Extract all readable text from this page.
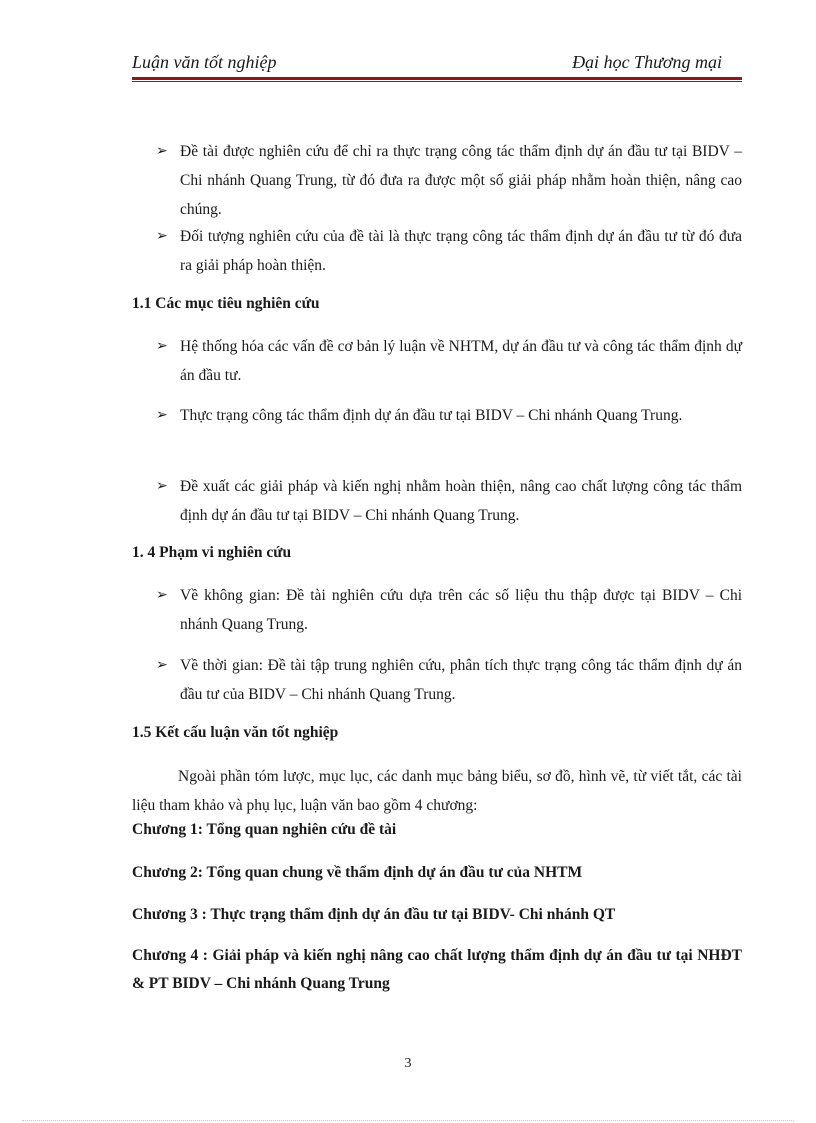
Luận văn tốt nghiệp	Đại học Thương mại
➢ Đề tài được nghiên cứu để chỉ ra thực trạng công tác thẩm định dự án đầu tư tại BIDV – Chi nhánh Quang Trung, từ đó đưa ra được một số giải pháp nhằm hoàn thiện, nâng cao chúng.
➢ Đối tượng nghiên cứu của đề tài là thực trạng công tác thẩm định dự án đầu tư từ đó đưa ra giải pháp hoàn thiện.
1.1 Các mục tiêu nghiên cứu
➢ Hệ thống hóa các vấn đề cơ bản lý luận về NHTM, dự án đầu tư và công tác thẩm định dự án đầu tư.
➢ Thực trạng công tác thẩm định dự án đầu tư tại BIDV – Chi nhánh Quang Trung.
➢ Đề xuất các giải pháp và kiến nghị nhằm hoàn thiện, nâng cao chất lượng công tác thẩm định dự án đầu tư tại BIDV – Chi nhánh Quang Trung.
1. 4 Phạm vi nghiên cứu
➢ Về không gian: Đề tài nghiên cứu dựa trên các số liệu thu thập được tại BIDV – Chi nhánh Quang Trung.
➢ Về thời gian: Đề tài tập trung nghiên cứu, phân tích thực trạng công tác thẩm định dự án đầu tư của BIDV – Chi nhánh Quang Trung.
1.5 Kết cấu luận văn tốt nghiệp
Ngoài phần tóm lược, mục lục, các danh mục bảng biểu, sơ đồ, hình vẽ, từ viết tắt, các tài liệu tham khảo và phụ lục, luận văn bao gồm 4 chương:
Chương 1: Tổng quan nghiên cứu đề tài
Chương 2: Tổng quan chung về thẩm định dự án đầu tư của NHTM
Chương 3 : Thực trạng thẩm định dự án đầu tư tại BIDV- Chi nhánh QT
Chương 4 : Giải pháp và kiến nghị nâng cao chất lượng thẩm định dự án đầu tư tại NHĐT & PT BIDV – Chi nhánh Quang Trung
3
